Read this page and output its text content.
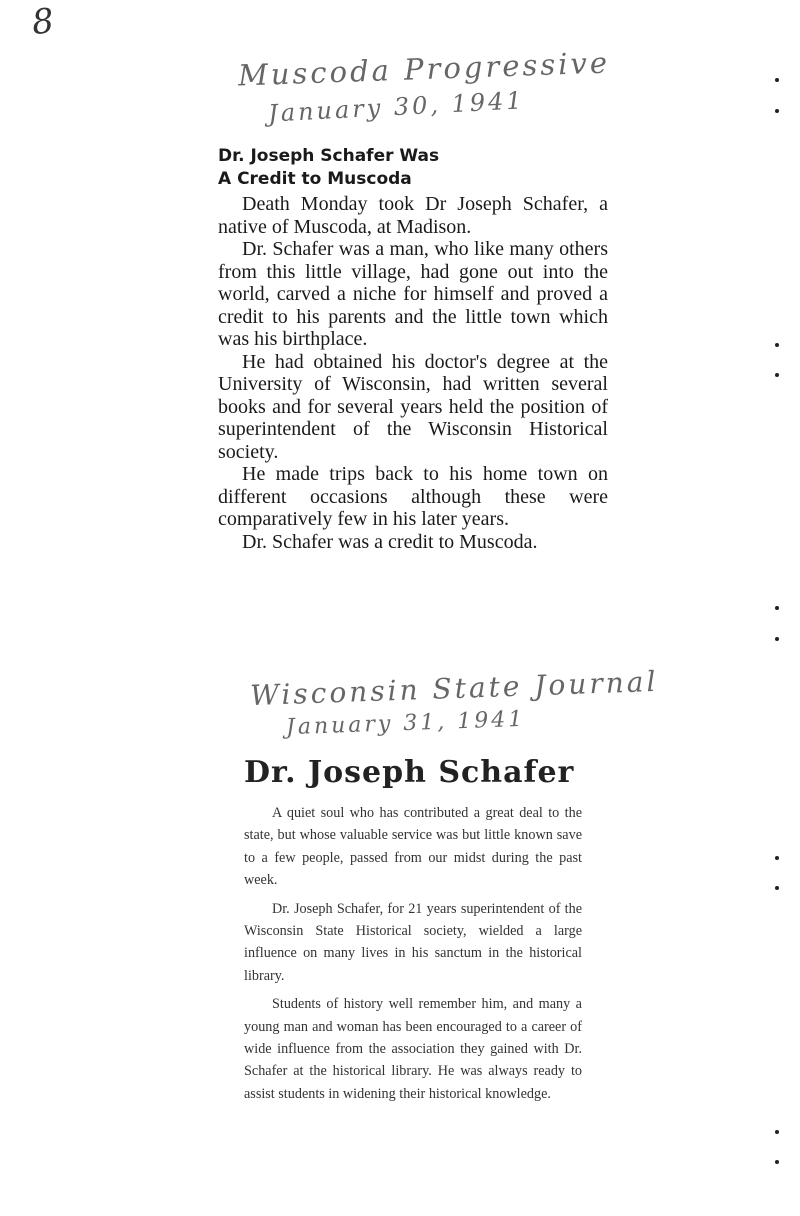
8
Muscoda Progressive
January 30, 1941
Dr. Joseph Schafer Was
A Credit to Muscoda

Death Monday took Dr Joseph Schafer, a native of Muscoda, at Madison.

Dr. Schafer was a man, who like many others from this little village, had gone out into the world, carved a niche for himself and proved a credit to his parents and the little town which was his birthplace.

He had obtained his doctor's degree at the University of Wisconsin, had written several books and for several years held the position of superintendent of the Wisconsin Historical society.

He made trips back to his home town on different occasions although these were comparatively few in his later years.

Dr. Schafer was a credit to Muscoda.

Wisconsin State Journal
January 31, 1941
Dr. Joseph Schafer

A quiet soul who has contributed a great deal to the state, but whose valuable service was but little known save to a few people, passed from our midst during the past week.

Dr. Joseph Schafer, for 21 years superintendent of the Wisconsin State Historical society, wielded a large influence on many lives in his sanctum in the historical library.

Students of history well remember him, and many a young man and woman has been encouraged to a career of wide influence from the association they gained with Dr. Schafer at the historical library. He was always ready to assist students in widening their historical knowledge.
